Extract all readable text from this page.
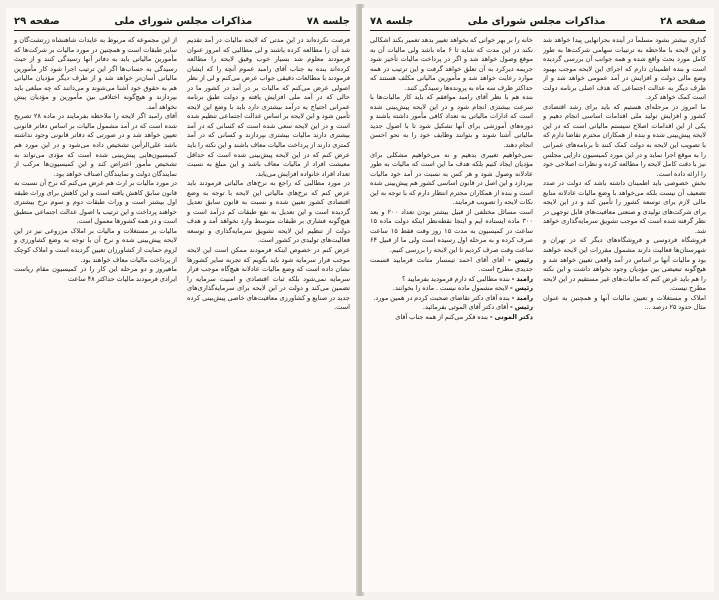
جلسه ۷۸
مذاکرات مجلس شورای ملی
صفحه ۲۹

فرصت نکرده‌اند در این مدتی که لایحه مالیات در آمد تقدیم شد آن را مطالعه کرده باشند و لی مطالبی که امروز عنوان فرمودند معلوم شد بسیار خوب وقیق لایحه را مطالعه کرده‌اند بنده به جناب آقای رامبد عموم آنچه را که ایشان فرمودند با مطالعات دقیقی جواب عرض می‌کنم و لی از نظر اصولی عرض می‌کنم که مالیات بر در آمد در کشور ما در حالی که در آمد ملی افزایش یافته و دولت طبق برنامه عمرانی احتیاج به درآمد بیشتری دارد باید با وضع این لایحه تأمین شود و این لایحه بر اساس عدالت اجتماعی تنظیم شده است و در این لایحه سعی شده است که کسانی که در آمد بیشتری دارند مالیات بیشتری بپردازند و کسانی که در آمد کمتری دارند از پرداخت مالیات معاف باشند و این نکته را باید عرض کنم که در این لایحه پیش‌بینی شده است که حداقل معیشت افراد از مالیات معاف باشد و این مبلغ به نسبت تعداد افراد خانواده افزایش می‌یابد.

در مورد مطالبی که راجع به نرخ‌های مالیاتی فرمودند باید عرض کنم که نرخ‌های مالیاتی این لایحه با توجه به وضع اقتصادی کشور تعیین شده و نسبت به قانون سابق تعدیل گردیده است و این تعدیل به نفع طبقات کم درآمد است و هیچ‌گونه فشاری بر طبقات متوسط وارد نخواهد آمد و هدف دولت از تنظیم این لایحه تشویق سرمایه‌گذاری و توسعه فعالیت‌های تولیدی در کشور است.

عرض کنم در خصوص اینکه فرمودند ممکن است این لایحه موجب فرار سرمایه شود باید بگویم که تجربه سایر کشورها نشان داده است که وضع مالیات عادلانه هیچ‌گاه موجب فرار سرمایه نمی‌شود بلکه ثبات اقتصادی و امنیت سرمایه را تضمین می‌کند و دولت در این لایحه برای سرمایه‌گذاری‌های جدید در صنایع و کشاورزی معافیت‌های خاصی پیش‌بینی کرده است.

از این مجموعه که مربوط به عایدات شاهنشاه زرتشت‌گان و سایر طبقات است و همچنین در مورد مالیات بر شرکت‌ها که مأمورین مالیاتی باید به دفاتر آنها رسیدگی کنند و از حیث رسیدگی به حساب‌ها اگر این ترتیب اجرا شود کار مأمورین مالیاتی آسان‌تر خواهد شد و از طرف دیگر مؤدیان مالیاتی هم به حقوق خود آشنا می‌شوند و می‌دانند که چه مبلغی باید بپردازند و هیچ‌گونه اختلافی بین مأمورین و مؤدیان پیش نخواهد آمد.

آقای رامبد اگر لایحه را ملاحظه بفرمایند در ماده ۲۸ تصریح شده است که در آمد مشمول مالیات بر اساس دفاتر قانونی تعیین خواهد شد و در صورتی که دفاتر قانونی وجود نداشته باشد علی‌الرأس تشخیص داده می‌شود و در این مورد هم کمیسیون‌هایی پیش‌بینی شده است که مؤدی می‌تواند به تشخیص مأمور اعتراض کند و این کمیسیون‌ها مرکب از نمایندگان دولت و نمایندگان اصناف خواهد بود.

در مورد مالیات بر ارث هم عرض می‌کنم که نرخ آن نسبت به قانون سابق کاهش یافته است و این کاهش برای وراث طبقه اول بیشتر است و وراث طبقات دوم و سوم نرخ بیشتری خواهند پرداخت و این ترتیب با اصول عدالت اجتماعی منطبق است و در همه کشورها معمول است.

مالیات بر مستغلات و مالیات بر املاک مزروعی نیز در این لایحه پیش‌بینی شده و نرخ آن با توجه به وضع کشاورزی و لزوم حمایت از کشاورزان تعیین گردیده است و املاک کوچک از پرداخت مالیات معاف خواهند بود.

ماهیروز و دو مرحله این کار را در کمیسیون مقام ریاست ایرادی فرمودند مالیات حداکثر ۴۸ ساعت

صفحه ۲۸
مذاکرات مجلس شورای ملی
جلسه ۷۸

گذاری بیشتر بشود مسلماً در آینده بحرانهایی پیدا خواهد شد و این لایحه با ملاحظه به ترتیبات سهامی شرکت‌ها به طور کامل مورد بحث واقع شده و همه جوانب آن بررسی گردیده است و بنده اطمینان دارم که اجرای این لایحه موجب بهبود وضع مالی دولت و افزایش در آمد عمومی خواهد شد و از طرف دیگر به عدالت اجتماعی که هدف اصلی برنامه دولت است کمک خواهد کرد.

ما امروز در مرحله‌ای هستیم که باید برای رشد اقتصادی کشور و افزایش تولید ملی اقدامات اساسی انجام دهیم و یکی از این اقدامات اصلاح سیستم مالیاتی است که در این لایحه پیش‌بینی شده و بنده از همکاران محترم تقاضا دارم که با تصویب این لایحه به دولت کمک کنند تا برنامه‌های عمرانی را به موقع اجرا نماید و در این مورد کمیسیون دارایی مجلس نیز با دقت کامل لایحه را مطالعه کرده و نظرات اصلاحی خود را ارائه داده است.

بخش خصوصی باید اطمینان داشته باشد که دولت در صدد تضعیف آن نیست بلکه می‌خواهد با وضع مالیات عادلانه منابع مالی لازم برای توسعه کشور را تأمین کند و در این لایحه برای شرکت‌های تولیدی و صنعتی معافیت‌های قابل توجهی در نظر گرفته شده است که موجب تشویق سرمایه‌گذاری خواهد شد.

فروشگاه فردوسی و فروشگاه‌های دیگر که در تهران و شهرستان‌ها فعالیت دارند مشمول مقررات این لایحه خواهند بود و مالیات آنها بر اساس در آمد واقعی تعیین خواهد شد و هیچ‌گونه تبعیضی بین مؤدیان وجود نخواهد داشت و این نکته را هم باید عرض کنم که مالیات‌های غیر مستقیم در این لایحه مطرح نیست.

املاک و مستغلات و تعیین مالیات آنها و همچنین به عنوان مثال حدود ۲۵ درصد ...

خانه را بر بهر خوانی که بخواهد تغییر بدهد تعمیر بکند اشکالی نکند در این مدت که شاید تا ۶ ماه باشد ولی مالیات آن به موقع وصول خواهد شد و اگر در پرداخت مالیات تأخیر شود جریمه دیرکرد به آن تعلق خواهد گرفت و این ترتیب در همه موارد رعایت خواهد شد و مأمورین مالیاتی مکلف هستند که حداکثر ظرف سه ماه به پرونده‌ها رسیدگی کنند.

بنده هم با نظر آقای رامبد موافقم که باید کار مالیات‌ها با سرعت بیشتری انجام شود و در این لایحه پیش‌بینی شده است که ادارات مالیاتی به تعداد کافی مأمور داشته باشند و دوره‌های آموزشی برای آنها تشکیل شود تا با اصول جدید مالیاتی آشنا شوند و بتوانند وظایف خود را به نحو احسن انجام دهند.

نمی‌خواهیم تغییری بدهیم و نه می‌خواهیم مشکلی برای مؤدیان ایجاد کنیم بلکه هدف ما این است که مالیات به طور عادلانه وصول شود و هر کس به نسبت در آمد خود مالیات بپردازد و این اصل در قانون اساسی کشور هم پیش‌بینی شده است و بنده از همکاران محترم انتظار دارم که با توجه به این نکات لایحه را تصویب فرمایند.

است مسائل مختلفی از قبیل بیشتر بودن تعداد ۲۰۰ و بعد ۳۰۰ ماده ایستاده ایم و اینجا نقطه‌نظر اینکه دولت ماده ۱۵ ساعت در کمیسیون به مدت ۱۵ روز وقت فقط ۱۵ ساعت صرف کرده و به مرحله اول رسیده است ولی ما از قبیل ۶۴ ساعت وقت صرف کردیم تا این لایحه را بررسی کنیم.

رئیس - آقای آقای احمد تیمسار متانت فرمایید قسمت جدیدی مطرح است.

رامبد - بنده مطالبی که دارم فرمودید بفرمایید ؟

رئیس - لایحه مشمول ماده نیست . ماده را بخوانند.

رامبد - بنده آقای دکتر تقاضای صحبت کردم در همین مورد.

رئیس - آقای دکتر آقای الموتی بفرمائید.

دکتر الموتی - بنده فکر می‌کنم از همه جناب آقای
